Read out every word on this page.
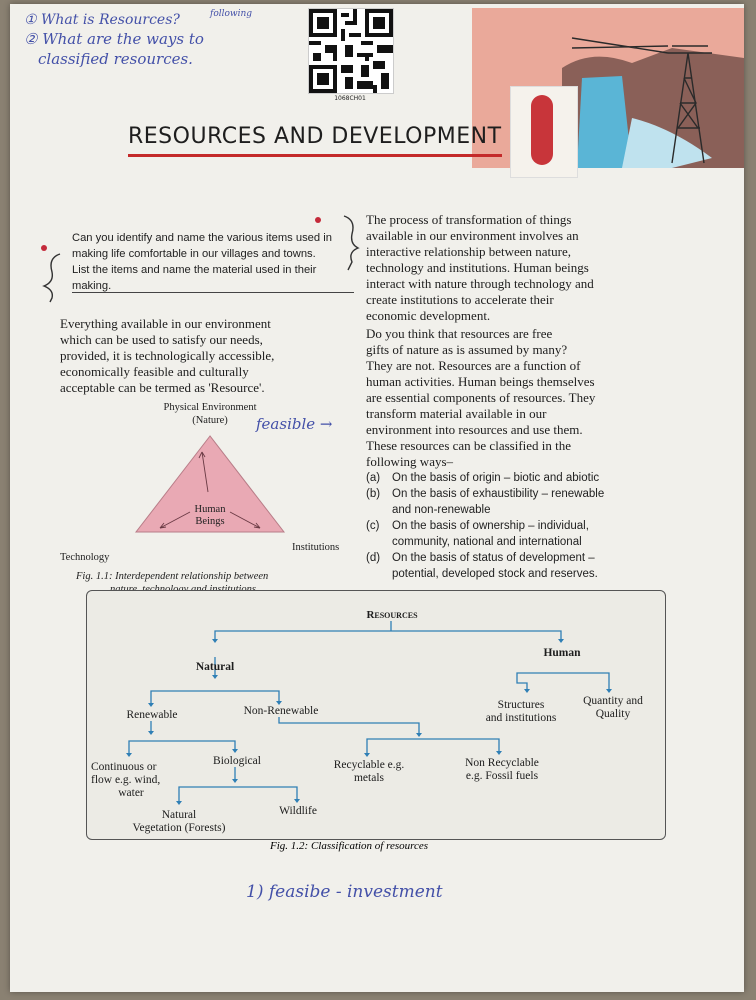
① What is Resources?	following
② What are the ways to
classified resources.
1068CH01
RESOURCES AND DEVELOPMENT
Can you identify and name the various items used in making life comfortable in our villages and towns. List the items and name the material used in their making.
Everything available in our environment
which can be used to satisfy our needs,
provided, it is technologically accessible,
economically feasible and culturally
acceptable can be termed as 'Resource'.
Physical Environment
(Nature)	feasible →
Human
Beings
Technology
Institutions
Fig. 1.1: Interdependent relationship between
The process of transformation of things
available in our environment involves an
interactive relationship between nature,
technology and institutions. Human beings
interact with nature through technology and
create institutions to accelerate their
economic development.
Do you think that resources are free
gifts of nature as is assumed by many?
They are not. Resources are a function of
human activities. Human beings themselves
are essential components of resources. They
transform material available in our
environment into resources and use them.
These resources can be classified in the
following ways–
(a) On the basis of origin – biotic and abiotic
(b) On the basis of exhaustibility – renewable
and non-renewable
(c) On the basis of ownership – individual,
community, national and international
(d) On the basis of status of development –
potential, developed stock and reserves.
Resources
Natural
Human
Renewable	Non-Renewable	Structures
and institutions
Quantity and
Quality
Continuous or
flow e.g. wind,
water
Biological	Recyclable e.g.
metals
Non Recyclable
e.g. Fossil fuels
Natural
Vegetation (Forests)
Wildlife
Fig. 1.2: Classification of resources
1) feasibe - investment
